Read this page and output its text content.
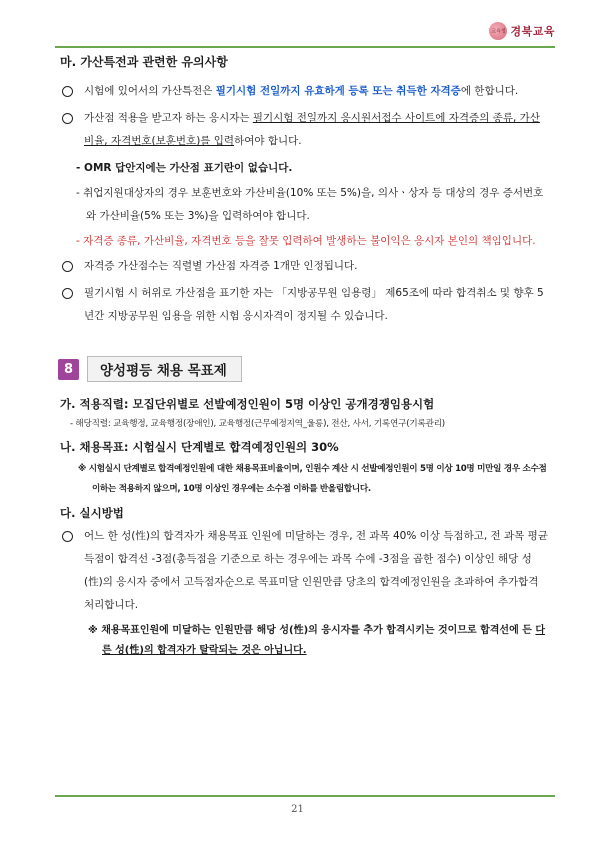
교육청 경북교육
마. 가산특전과 관련한 유의사항
시험에 있어서의 가산특전은 필기시험 전일까지 유효하게 등록 또는 취득한 자격증에 한합니다.
가산점 적용을 받고자 하는 응시자는 필기시험 전일까지 응시원서접수 사이트에 자격증의 종류, 가산비율, 자격번호(보훈번호)를 입력하여야 합니다.
- OMR 답안지에는 가산점 표기란이 없습니다.
- 취업지원대상자의 경우 보훈번호와 가산비율(10% 또는 5%)을, 의사ㆍ상자 등 대상의 경우 증서번호와 가산비율(5% 또는 3%)을 입력하여야 합니다.
- 자격증 종류, 가산비율, 자격번호 등을 잘못 입력하여 발생하는 불이익은 응시자 본인의 책임입니다.
자격증 가산점수는 직렬별 가산점 자격증 1개만 인정됩니다.
필기시험 시 허위로 가산점을 표기한 자는 「지방공무원 임용령」 제65조에 따라 합격취소 및 향후 5년간 지방공무원 임용을 위한 시험 응시자격이 정지될 수 있습니다.
8	양성평등 채용 목표제
가. 적용직렬: 모집단위별로 선발예정인원이 5명 이상인 공개경쟁임용시험
- 해당직렬: 교육행정, 교육행정(장애인), 교육행정(근무예정지역_울릉), 전산, 사서, 기록연구(기록관리)
나. 채용목표: 시험실시 단계별로 합격예정인원의 30%
※ 시험실시 단계별로 합격예정인원에 대한 채용목표비율이며, 인원수 계산 시 선발예정인원이 5명 이상 10명 미만일 경우 소수점 이하는 적용하지 않으며, 10명 이상인 경우에는 소수점 이하를 반올림합니다.
다. 실시방법
어느 한 성(性)의 합격자가 채용목표 인원에 미달하는 경우, 전 과목 40% 이상 득점하고, 전 과목 평균 득점이 합격선 -3점(총득점을 기준으로 하는 경우에는 과목 수에 -3점을 곱한 점수) 이상인 해당 성(性)의 응시자 중에서 고득점자순으로 목표미달 인원만큼 당초의 합격예정인원을 초과하여 추가합격 처리합니다.
※ 채용목표인원에 미달하는 인원만큼 해당 성(性)의 응시자를 추가 합격시키는 것이므로 합격선에 든 다른 성(性)의 합격자가 탈락되는 것은 아닙니다.
21
